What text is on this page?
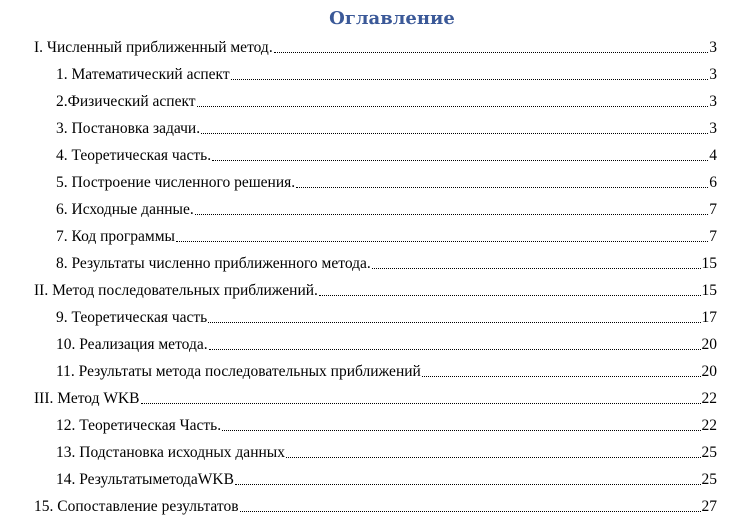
Оглавление
I. Численный приближенный метод.	3
1. Математический аспект	3
2.Физический аспект	3
3. Постановка задачи.	3
4. Теоретическая часть.	4
5. Построение численного решения.	6
6. Исходные данные.	7
7. Код программы	7
8. Результаты численно приближенного метода.	15
II. Метод последовательных приближений.	15
9. Теоретическая часть	17
10. Реализация метода.	20
11. Результаты метода последовательных приближений	20
III. Метод WKB	22
12. Теоретическая Часть.	22
13. Подстановка исходных данных	25
14. РезультатыметодаWKB	25
15. Сопоставление результатов	27
